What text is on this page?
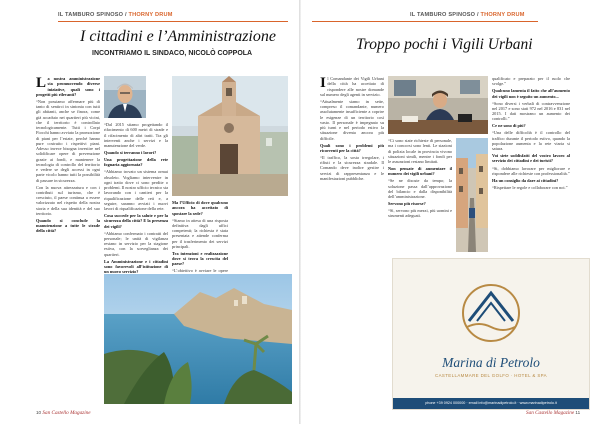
IL TAMBURO SPINOSO / THORNY DRUM
I cittadini e l’Amministrazione
INCONTRIAMO IL SINDACO, NICOLÒ COPPOLA

La nostra amministrazione sta promuovendo diverse iniziative, quali sono i progetti più rilevanti?

“Non possiamo affermare più di tanto di sentirci in sintonia con tutti gli abitanti, anche se finora, come già accaduto nei quartieri più vicini, che il territorio è controllato tecnologicamente. Tutti i Corpi Fiocchi hanno avviato la promozione di piani per l’estate, perché hanno pure costruito i rispettivi piani. Adesso invece bisogna investire nel solidificare opere di prevenzione grazie ai fondi, e mantenere la tecnologia di controllo del territorio e vedere se degli accessi in ogni parte vicolo hanno tutti la possibilità di passare in sicurezza.

Con la nuova attrezzatura e con i contributi sul turismo, che è cresciuto, il paese continua a essere valorizzato nel rispetto della nostra storia e della sua identità e del suo territorio.

Quando si conclude la manutenzione a tutte le strade della città?

“Dal 2015 stiamo progettando il rifacimento di 600 metri di strade e il rifacimento di altri tratti. Tra gli interventi anche i servizi e la manutenzione del verde.

Quando si terranno i lavori?

Una progettazione della rete fognaria aggiornata?

“Abbiamo trovato un sistema ormai obsoleto. Vogliamo intervenire in ogni tratto dove ci sono perdite o problemi. Il nostro ufficio tecnico sta lavorando con i cantieri per la riqualificazione delle reti e, a seguire, saranno avviati i nuovi lavori di riqualificazione della rete.

Cosa succede per la salute e per la sicurezza della città? E la presenza dei vigili?

“Abbiamo confermato i contratti del personale; le unità di vigilanza restano in servizio per la stagione estiva, con la sorveglianza dei quartieri.

La Amministrazione e i cittadini sono favorevoli all’istituzione di un nuovo servizio?

Ma l’Ufficio di dove qualcuno ancora ha accettato di spostare la sede?

“Siamo in attesa di una risposta definitiva dagli uffici competenti; la richiesta è stata presentata e attende conferma per il trasferimento dei servizi principali.

Tra intenzioni e realizzazione dove si trova la crescita del paese?

“L’obiettivo è avviare le opere

10 San Castello Magazine
IL TAMBURO SPINOSO / THORNY DRUM
Troppo pochi i Vigili Urbani

Il Comandante dei Vigili Urbani della città ha accettato di rispondere alle nostre domande sul numero degli agenti in servizio.

“Attualmente siamo in sette, compreso il comandante, numero assolutamente insufficiente a coprire le esigenze di un territorio così vasto. Il personale è impegnato su più turni e nel periodo estivo la situazione diventa ancora più difficile.

Quali sono i problemi più ricorrenti per la città?

“Il traffico, la sosta irregolare, i rifiuti e la sicurezza stradale. Il Comando deve inoltre gestire i servizi di rappresentanza e le manifestazioni pubbliche.

“Ci sono state richieste di personale, ma i concorsi sono lenti. Le stazioni di polizia locale in provincia vivono situazioni simili, mentre i fondi per le assunzioni restano limitati.

Non pensate di aumentare il numero dei vigili urbani?

“Se ne discute da tempo; la soluzione passa dall’approvazione del bilancio e dalla disponibilità dell’amministrazione.

Servono più risorse?

“Sì, servono più mezzi, più uomini e strumenti adeguati.

qualificato e preparato per il ruolo che svolge.”

Qualcuno lamenta il fatto che all’aumento dei vigili non è seguito un aumento...

“Sono diversi i verbali di contravvenzione nel 2017 e sono stati 972 nel 2016 e 831 nel 2015. I dati mostrano un aumento dei controlli.”

Ce ne sono di più?

“Una delle difficoltà è il controllo del traffico durante il periodo estivo, quando la popolazione aumenta e la rete viaria si satura.

Voi siete soddisfatti del vostro lavoro al servizio dei cittadini e dei turisti?

“Si, dobbiamo lavorare per migliorare e rispondere alle richieste con professionalità.”

Ha un consiglio da dare ai cittadini?

“Rispettare le regole e collaborare con noi.”

Marina di Petrolo
CASTELLAMMARE DEL GOLFO · HOTEL & SPA
phone +39 0924 000000 · email info@marinadipetrolo.it · www.marinadipetrolo.it
San Castello Magazine 11
